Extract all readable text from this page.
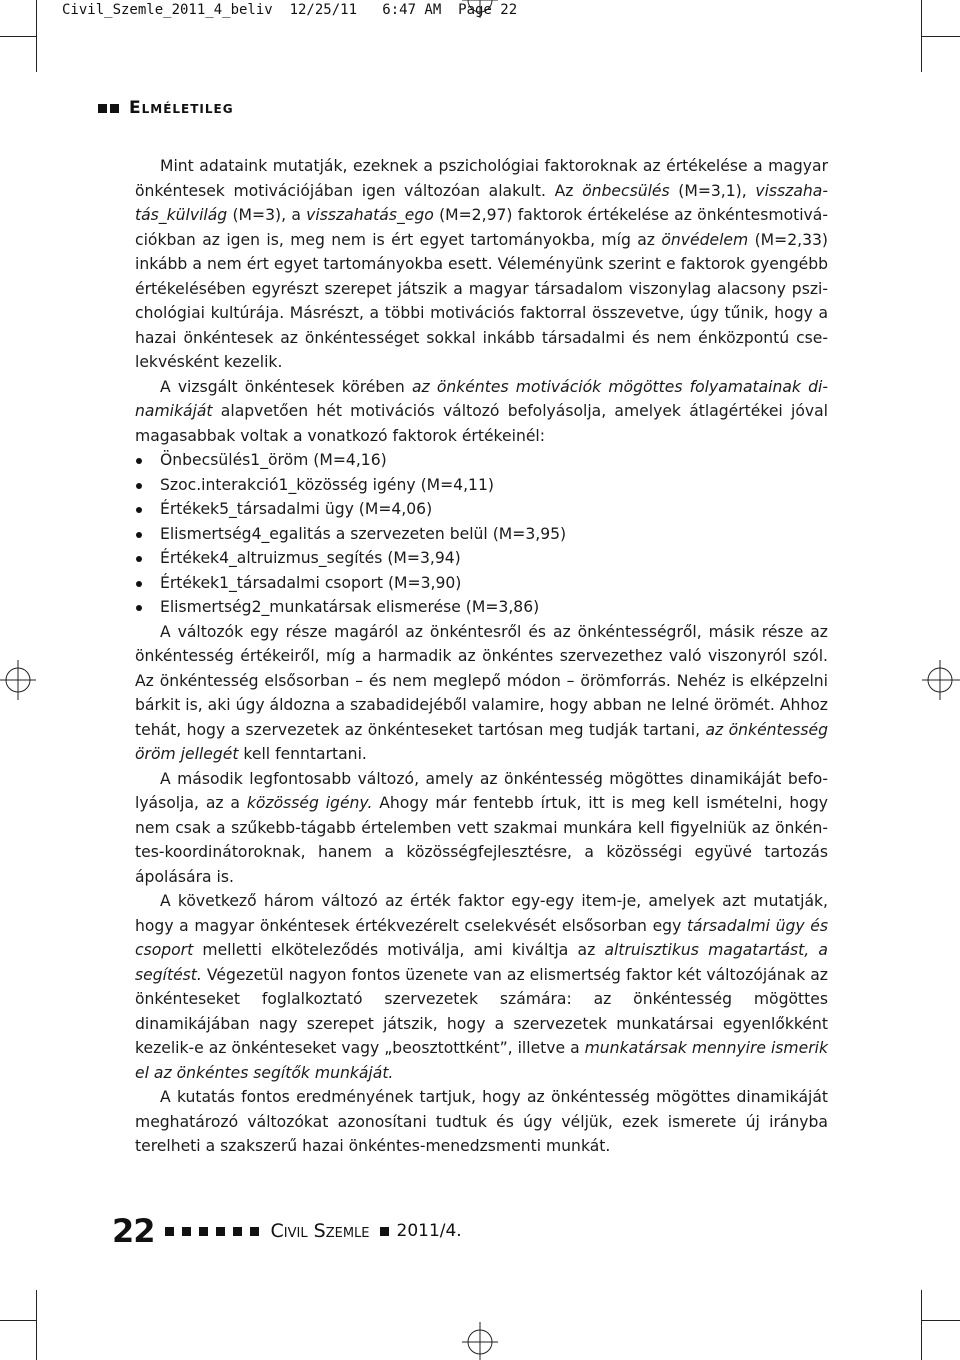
Civil_Szemle_2011_4_beliv  12/25/11   6:47 AM  Page 22
Elméletileg

Mint adataink mutatják, ezeknek a pszichológiai faktoroknak az értékelése a magyar önkéntesek motivációjában igen változóan alakult. Az önbecsülés (M=3,1), visszahatás_külvilág (M=3), a visszahatás_ego (M=2,97) faktorok értékelése az önkéntesmotivációkban az igen is, meg nem is ért egyet tartományokba, míg az önvédelem (M=2,33) inkább a nem ért egyet tartományokba esett. Véleményünk szerint e faktorok gyengébb értékelésében egyrészt szerepet játszik a magyar társadalom viszonylag alacsony pszichológiai kultúrája. Másrészt, a többi motivációs faktorral összevetve, úgy tűnik, hogy a hazai önkéntesek az önkéntességet sokkal inkább társadalmi és nem énközpontú cselekvésként kezelik.

A vizsgált önkéntesek körében az önkéntes motivációk mögöttes folyamatainak dinamikáját alapvetően hét motivációs változó befolyásolja, amelyek átlagértékei jóval magasabbak voltak a vonatkozó faktorok értékeinél:

Önbecsülés1_öröm (M=4,16)
Szoc.interakció1_közösség igény (M=4,11)
Értékek5_társadalmi ügy (M=4,06)
Elismertség4_egalitás a szervezeten belül (M=3,95)
Értékek4_altruizmus_segítés (M=3,94)
Értékek1_társadalmi csoport (M=3,90)
Elismertség2_munkatársak elismerése (M=3,86)

A változók egy része magáról az önkéntesről és az önkéntességről, másik része az önkéntesség értékeiről, míg a harmadik az önkéntes szervezethez való viszonyról szól. Az önkéntesség elsősorban – és nem meglepő módon – örömforrás. Nehéz is elképzelni bárkit is, aki úgy áldozna a szabadidejéből valamire, hogy abban ne lelné örömét. Ahhoz tehát, hogy a szervezetek az önkénteseket tartósan meg tudják tartani, az önkéntesség öröm jellegét kell fenntartani.

A második legfontosabb változó, amely az önkéntesség mögöttes dinamikáját befolyásolja, az a közösség igény. Ahogy már fentebb írtuk, itt is meg kell ismételni, hogy nem csak a szűkebb-tágabb értelemben vett szakmai munkára kell figyelniük az önkéntes-koordinátoroknak, hanem a közösségfejlesztésre, a közösségi együvé tartozás ápolására is.

A következő három változó az érték faktor egy-egy item-je, amelyek azt mutatják, hogy a magyar önkéntesek értékvezérelt cselekvését elsősorban egy társadalmi ügy és csoport melletti elköteleződés motiválja, ami kiváltja az altruisztikus magatartást, a segítést. Végezetül nagyon fontos üzenete van az elismertség faktor két változójának az önkénteseket foglalkoztató szervezetek számára: az önkéntesség mögöttes dinamikájában nagy szerepet játszik, hogy a szervezetek munkatársai egyenlőkként kezelik-e az önkénteseket vagy „beosztottként”, illetve a munkatársak mennyire ismerik el az önkéntes segítők munkáját.

A kutatás fontos eredményének tartjuk, hogy az önkéntesség mögöttes dinamikáját meghatározó változókat azonosítani tudtuk és úgy véljük, ezek ismerete új irányba terelheti a szakszerű hazai önkéntes-menedzsmenti munkát.

22	Civil Szemle 2011/4.
